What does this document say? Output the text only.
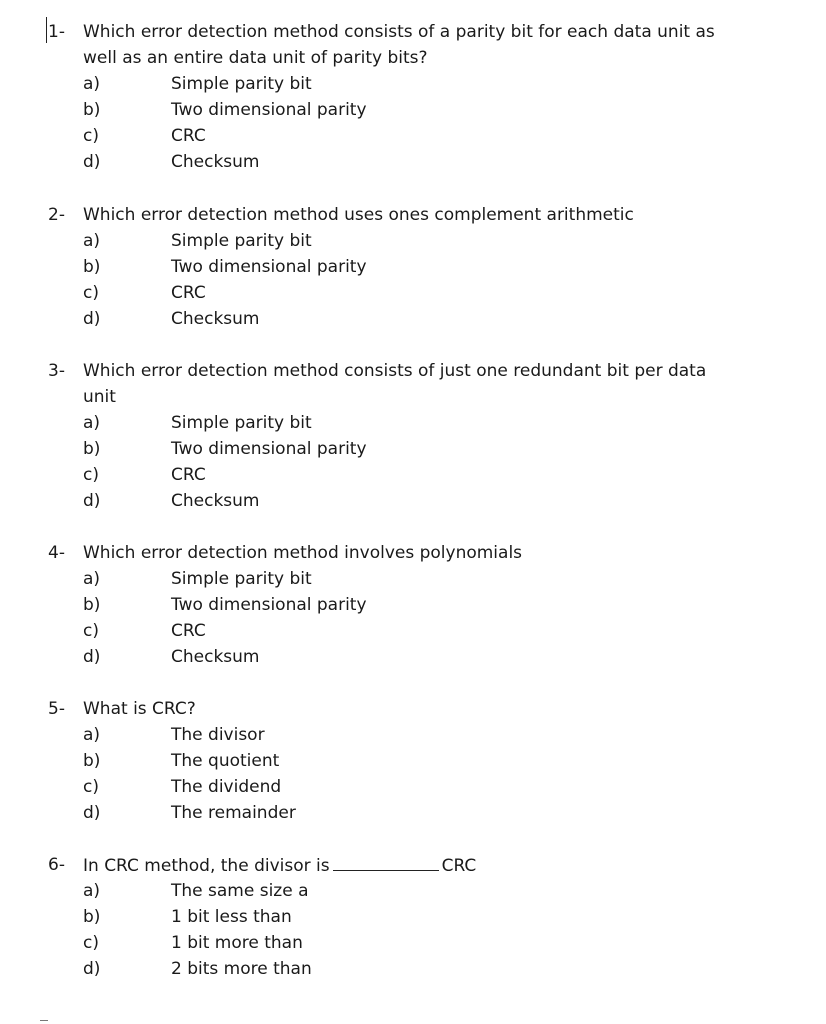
1- Which error detection method consists of a parity bit for each data unit as well as an entire data unit of parity bits?
a)	Simple parity bit
b)	Two dimensional parity
c)	CRC
d)	Checksum
2- Which error detection method uses ones complement arithmetic
a)	Simple parity bit
b)	Two dimensional parity
c)	CRC
d)	Checksum
3- Which error detection method consists of just one redundant bit per data unit
a)	Simple parity bit
b)	Two dimensional parity
c)	CRC
d)	Checksum
4- Which error detection method involves polynomials
a)	Simple parity bit
b)	Two dimensional parity
c)	CRC
d)	Checksum
5- What is CRC?
a)	The divisor
b)	The quotient
c)	The dividend
d)	The remainder
6- In CRC method, the divisor is	CRC
a)	The same size a
b)	1 bit less than
c)	1 bit more than
d)	2 bits more than
